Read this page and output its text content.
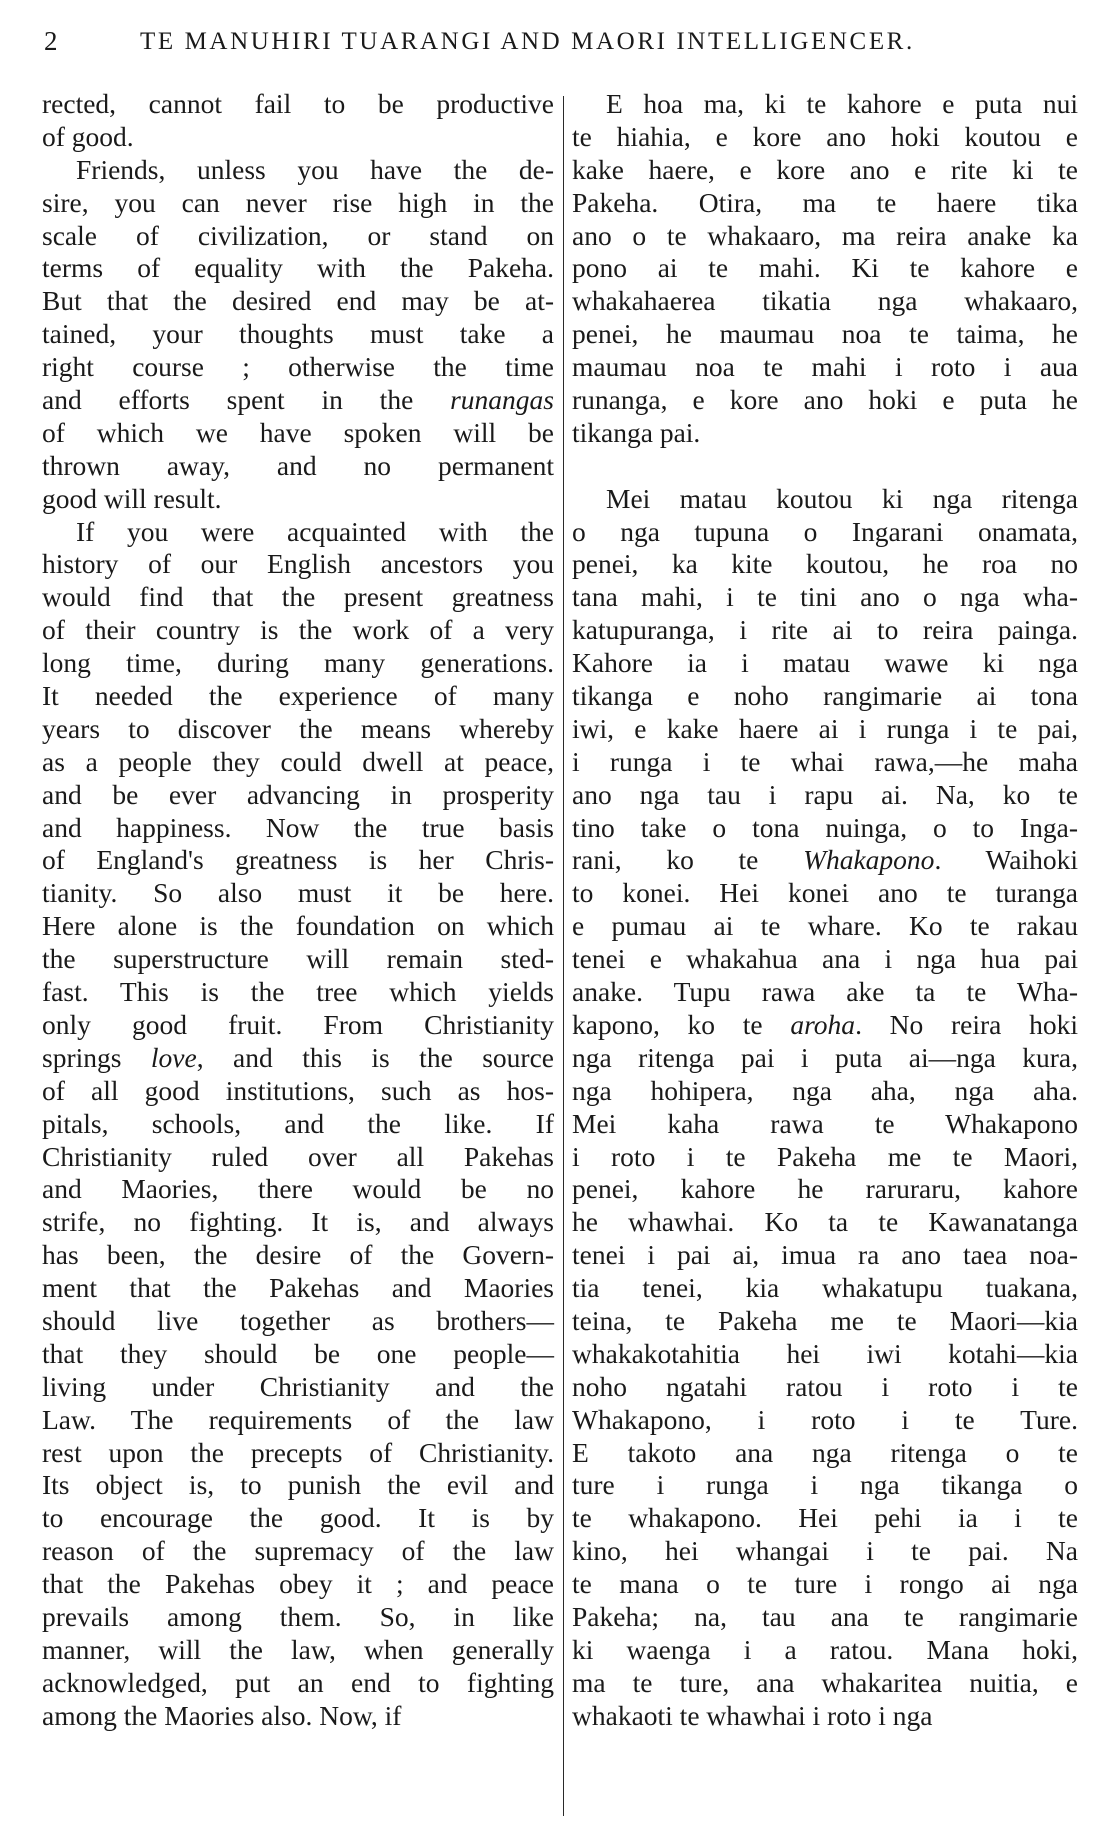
2	TE MANUHIRI TUARANGI AND MAORI INTELLIGENCER.
rected, cannot fail to be productive
of good.
Friends, unless you have the de-
sire, you can never rise high in the
scale of civilization, or stand on
terms of equality with the Pakeha.
But that the desired end may be at-
tained, your thoughts must take a
right course ; otherwise the time
and efforts spent in the runangas
of which we have spoken will be
thrown away, and no permanent
good will result.
If you were acquainted with the
history of our English ancestors you
would find that the present greatness
of their country is the work of a very
long time, during many generations.
It needed the experience of many
years to discover the means whereby
as a people they could dwell at peace,
and be ever advancing in prosperity
and happiness. Now the true basis
of England's greatness is her Chris-
tianity. So also must it be here.
Here alone is the foundation on which
the superstructure will remain sted-
fast. This is the tree which yields
only good fruit. From Christianity
springs love, and this is the source
of all good institutions, such as hos-
pitals, schools, and the like. If
Christianity ruled over all Pakehas
and Maories, there would be no
strife, no fighting. It is, and always
has been, the desire of the Govern-
ment that the Pakehas and Maories
should live together as brothers—
that they should be one people—
living under Christianity and the
Law. The requirements of the law
rest upon the precepts of Christianity.
Its object is, to punish the evil and
to encourage the good. It is by
reason of the supremacy of the law
that the Pakehas obey it ; and peace
prevails among them. So, in like
manner, will the law, when generally
acknowledged, put an end to fighting
among the Maories also. Now, if
E hoa ma, ki te kahore e puta nui
te hiahia, e kore ano hoki koutou e
kake haere, e kore ano e rite ki te
Pakeha. Otira, ma te haere tika
ano o te whakaaro, ma reira anake ka
pono ai te mahi. Ki te kahore e
whakahaerea tikatia nga whakaaro,
penei, he maumau noa te taima, he
maumau noa te mahi i roto i aua
runanga, e kore ano hoki e puta he
tikanga pai.

Mei matau koutou ki nga ritenga
o nga tupuna o Ingarani onamata,
penei, ka kite koutou, he roa no
tana mahi, i te tini ano o nga wha-
katupuranga, i rite ai to reira painga.
Kahore ia i matau wawe ki nga
tikanga e noho rangimarie ai tona
iwi, e kake haere ai i runga i te pai,
i runga i te whai rawa,—he maha
ano nga tau i rapu ai. Na, ko te
tino take o tona nuinga, o to Inga-
rani, ko te Whakapono. Waihoki
to konei. Hei konei ano te turanga
e pumau ai te whare. Ko te rakau
tenei e whakahua ana i nga hua pai
anake. Tupu rawa ake ta te Wha-
kapono, ko te aroha. No reira hoki
nga ritenga pai i puta ai—nga kura,
nga hohipera, nga aha, nga aha.
Mei kaha rawa te Whakapono
i roto i te Pakeha me te Maori,
penei, kahore he raruraru, kahore
he whawhai. Ko ta te Kawanatanga
tenei i pai ai, imua ra ano taea noa-
tia tenei, kia whakatupu tuakana,
teina, te Pakeha me te Maori—kia
whakakotahitia hei iwi kotahi—kia
noho ngatahi ratou i roto i te
Whakapono, i roto i te Ture.
E takoto ana nga ritenga o te
ture i runga i nga tikanga o
te whakapono. Hei pehi ia i te
kino, hei whangai i te pai. Na
te mana o te ture i rongo ai nga
Pakeha; na, tau ana te rangimarie
ki waenga i a ratou. Mana hoki,
ma te ture, ana whakaritea nuitia, e
whakaoti te whawhai i roto i nga
